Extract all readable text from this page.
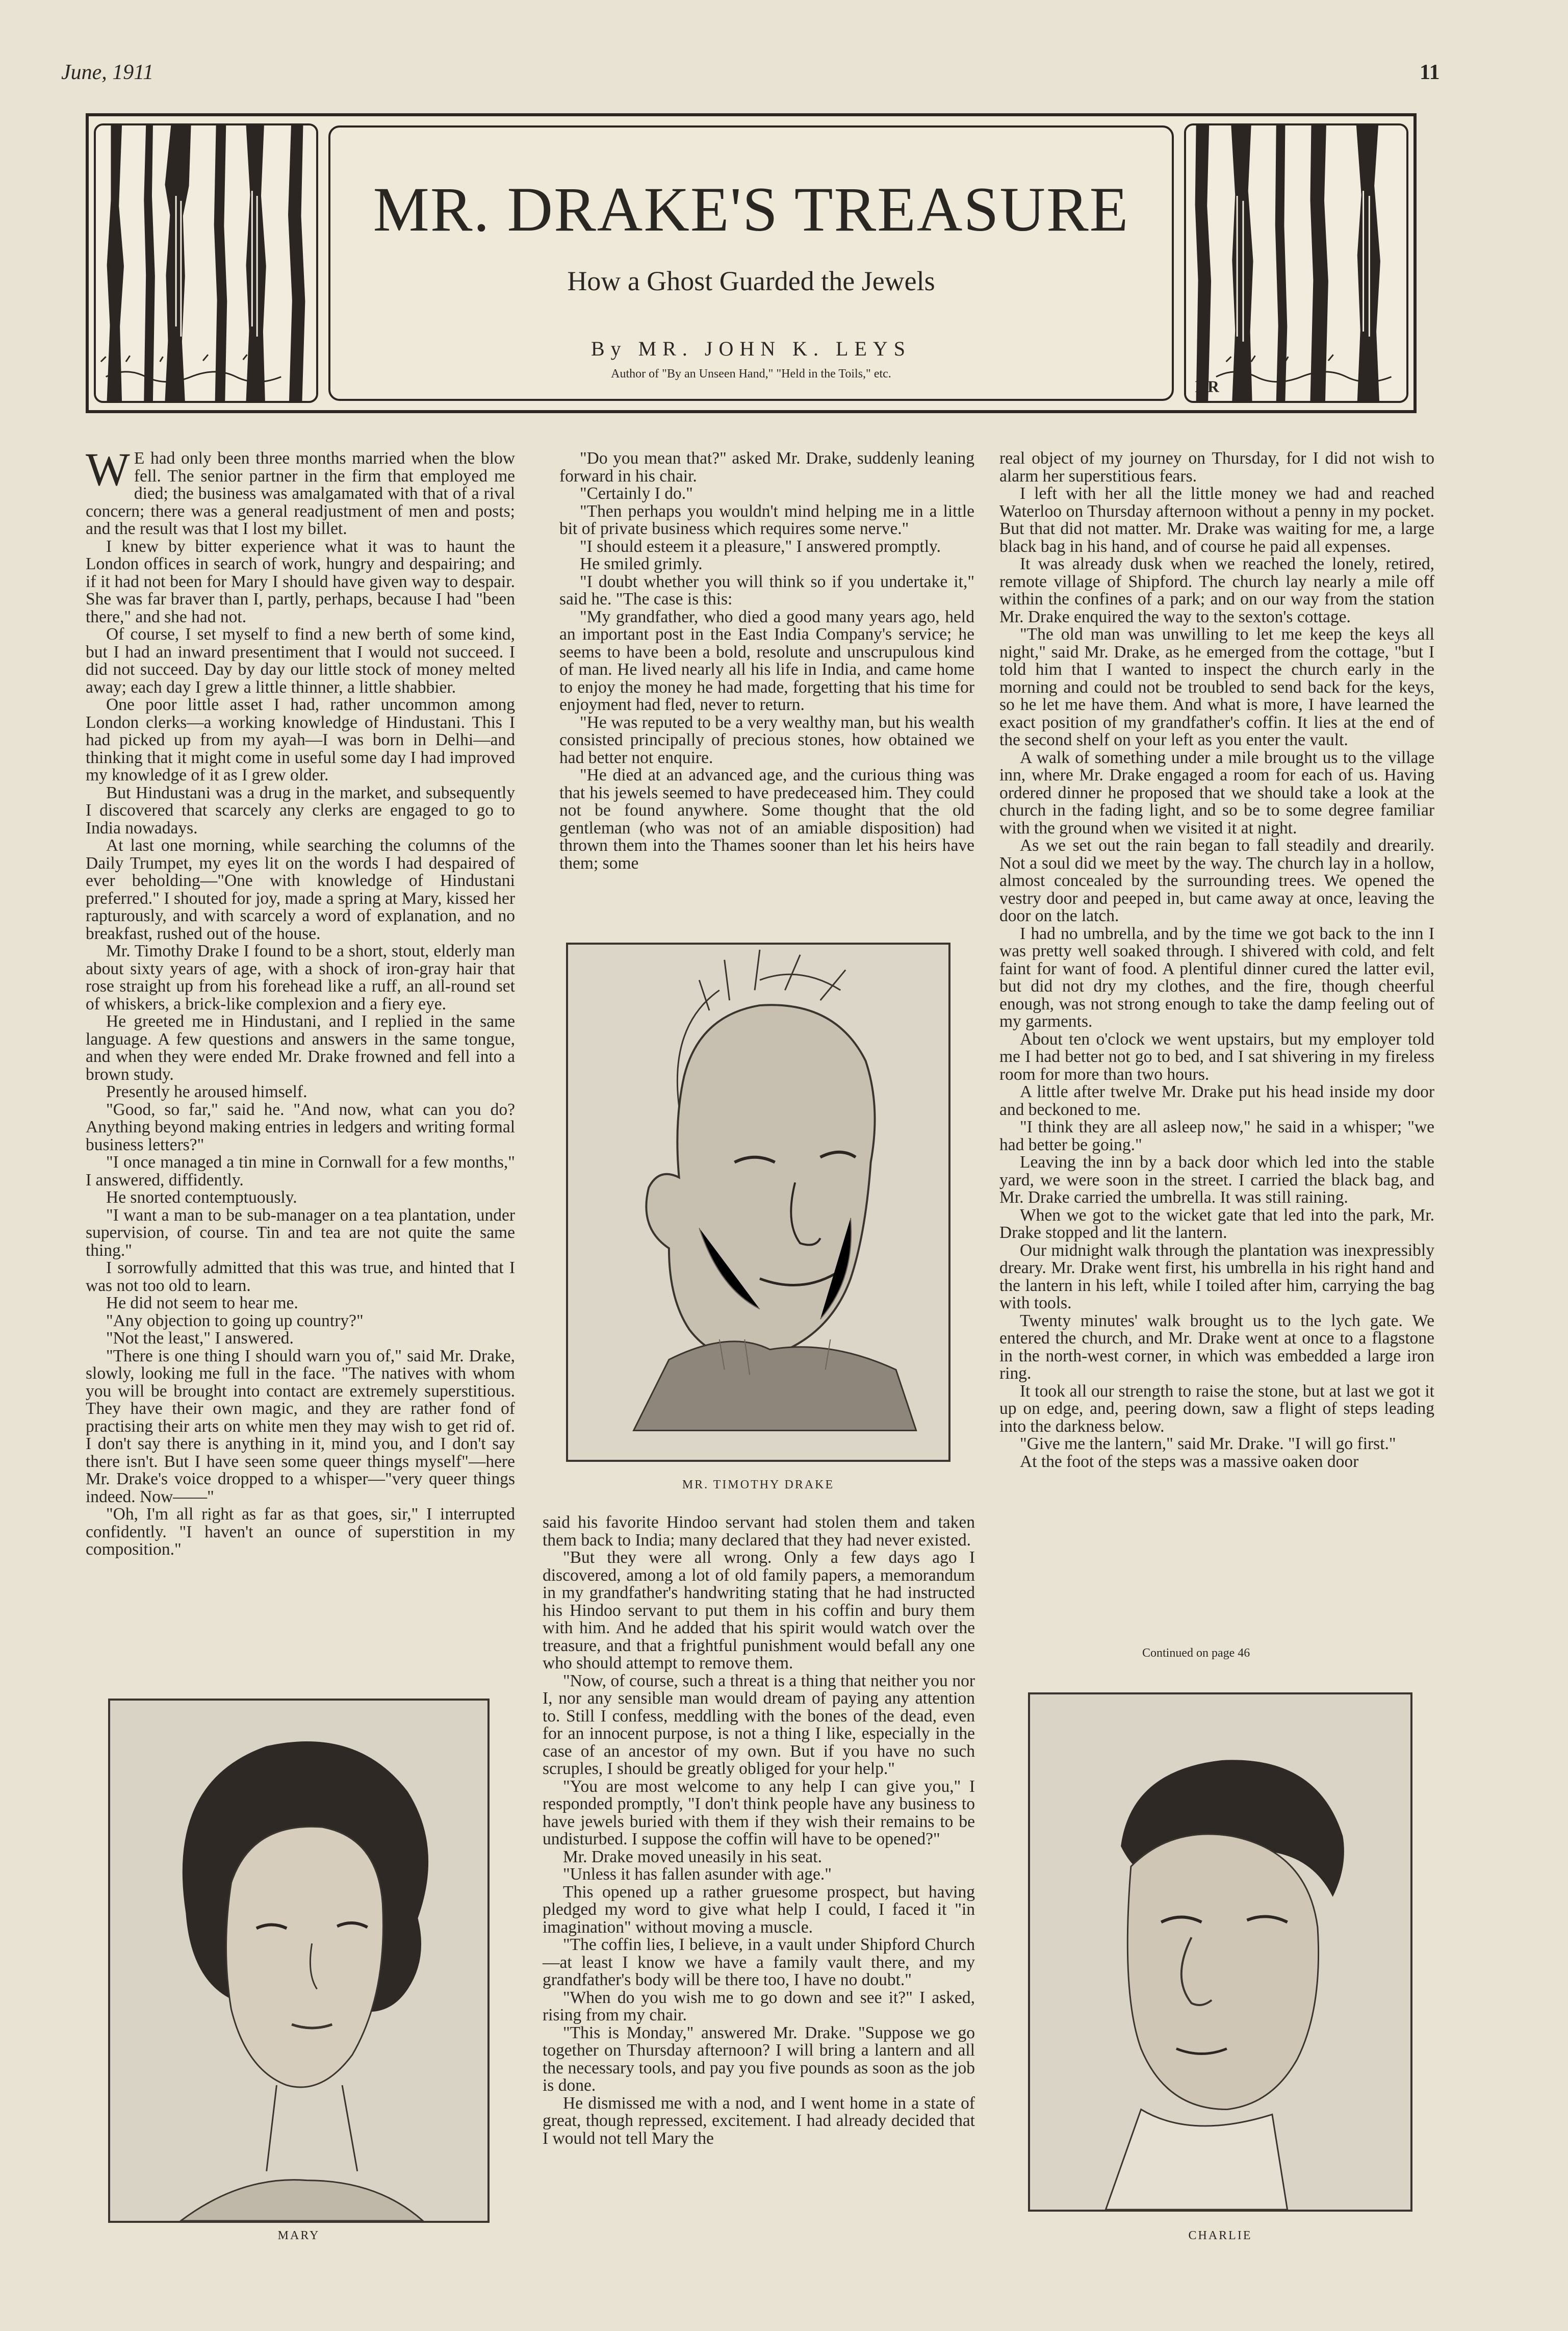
June, 1911	11
MR. DRAKE'S TREASURE
How a Ghost Guarded the Jewels
By MR. JOHN K. LEYS
Author of "By an Unseen Hand," "Held in the Toils," etc.
HR

W E had only been three months married when the blow fell. The senior partner in the firm that employed me died; the business was amalgamated with that of a rival concern; there was a general readjustment of men and posts; and the result was that I lost my billet.

I knew by bitter experience what it was to haunt the London offices in search of work, hungry and despairing; and if it had not been for Mary I should have given way to despair. She was far braver than I, partly, perhaps, because I had "been there," and she had not.

Of course, I set myself to find a new berth of some kind, but I had an inward presentiment that I would not succeed. I did not succeed. Day by day our little stock of money melted away; each day I grew a little thinner, a little shabbier.

One poor little asset I had, rather uncommon among London clerks—a working knowledge of Hindustani. This I had picked up from my ayah—I was born in Delhi—and thinking that it might come in useful some day I had improved my knowledge of it as I grew older.

But Hindustani was a drug in the market, and subsequently I discovered that scarcely any clerks are engaged to go to India nowadays.

At last one morning, while searching the columns of the Daily Trumpet, my eyes lit on the words I had despaired of ever beholding—"One with knowledge of Hindustani preferred." I shouted for joy, made a spring at Mary, kissed her rapturously, and with scarcely a word of explanation, and no breakfast, rushed out of the house.

Mr. Timothy Drake I found to be a short, stout, elderly man about sixty years of age, with a shock of iron-gray hair that rose straight up from his forehead like a ruff, an all-round set of whiskers, a brick-like complexion and a fiery eye.

He greeted me in Hindustani, and I replied in the same language. A few questions and answers in the same tongue, and when they were ended Mr. Drake frowned and fell into a brown study.

Presently he aroused himself.

"Good, so far," said he. "And now, what can you do? Anything beyond making entries in ledgers and writing formal business letters?"

"I once managed a tin mine in Cornwall for a few months," I answered, diffidently.

He snorted contemptuously.

"I want a man to be sub-manager on a tea plantation, under supervision, of course. Tin and tea are not quite the same thing."

I sorrowfully admitted that this was true, and hinted that I was not too old to learn.

He did not seem to hear me.

"Any objection to going up country?"

"Not the least," I answered.

"There is one thing I should warn you of," said Mr. Drake, slowly, looking me full in the face. "The natives with whom you will be brought into contact are extremely superstitious. They have their own magic, and they are rather fond of practising their arts on white men they may wish to get rid of. I don't say there is anything in it, mind you, and I don't say there isn't. But I have seen some queer things myself"—here Mr. Drake's voice dropped to a whisper—"very queer things indeed. Now——"

"Oh, I'm all right as far as that goes, sir," I interrupted confidently. "I haven't an ounce of superstition in my composition."

"Do you mean that?" asked Mr. Drake, suddenly leaning forward in his chair.

"Certainly I do."

"Then perhaps you wouldn't mind helping me in a little bit of private business which requires some nerve."

"I should esteem it a pleasure," I answered promptly.

He smiled grimly.

"I doubt whether you will think so if you undertake it," said he. "The case is this:

"My grandfather, who died a good many years ago, held an important post in the East India Company's service; he seems to have been a bold, resolute and unscrupulous kind of man. He lived nearly all his life in India, and came home to enjoy the money he had made, forgetting that his time for enjoyment had fled, never to return.

"He was reputed to be a very wealthy man, but his wealth consisted principally of precious stones, how obtained we had better not enquire.

"He died at an advanced age, and the curious thing was that his jewels seemed to have predeceased him. They could not be found anywhere. Some thought that the old gentleman (who was not of an amiable disposition) had thrown them into the Thames sooner than let his heirs have them; some

MR. TIMOTHY DRAKE

said his favorite Hindoo servant had stolen them and taken them back to India; many declared that they had never existed.

"But they were all wrong. Only a few days ago I discovered, among a lot of old family papers, a memorandum in my grandfather's handwriting stating that he had instructed his Hindoo servant to put them in his coffin and bury them with him. And he added that his spirit would watch over the treasure, and that a frightful punishment would befall any one who should attempt to remove them.

"Now, of course, such a threat is a thing that neither you nor I, nor any sensible man would dream of paying any attention to. Still I confess, meddling with the bones of the dead, even for an innocent purpose, is not a thing I like, especially in the case of an ancestor of my own. But if you have no such scruples, I should be greatly obliged for your help."

"You are most welcome to any help I can give you," I responded promptly, "I don't think people have any business to have jewels buried with them if they wish their remains to be undisturbed. I suppose the coffin will have to be opened?"

Mr. Drake moved uneasily in his seat.

"Unless it has fallen asunder with age."

This opened up a rather gruesome prospect, but having pledged my word to give what help I could, I faced it "in imagination" without moving a muscle.

"The coffin lies, I believe, in a vault under Shipford Church—at least I know we have a family vault there, and my grandfather's body will be there too, I have no doubt."

"When do you wish me to go down and see it?" I asked, rising from my chair.

"This is Monday," answered Mr. Drake. "Suppose we go together on Thursday afternoon? I will bring a lantern and all the necessary tools, and pay you five pounds as soon as the job is done.

He dismissed me with a nod, and I went home in a state of great, though repressed, excitement. I had already decided that I would not tell Mary the

real object of my journey on Thursday, for I did not wish to alarm her superstitious fears.

I left with her all the little money we had and reached Waterloo on Thursday afternoon without a penny in my pocket. But that did not matter. Mr. Drake was waiting for me, a large black bag in his hand, and of course he paid all expenses.

It was already dusk when we reached the lonely, retired, remote village of Shipford. The church lay nearly a mile off within the confines of a park; and on our way from the station Mr. Drake enquired the way to the sexton's cottage.

"The old man was unwilling to let me keep the keys all night," said Mr. Drake, as he emerged from the cottage, "but I told him that I wanted to inspect the church early in the morning and could not be troubled to send back for the keys, so he let me have them. And what is more, I have learned the exact position of my grandfather's coffin. It lies at the end of the second shelf on your left as you enter the vault.

A walk of something under a mile brought us to the village inn, where Mr. Drake engaged a room for each of us. Having ordered dinner he proposed that we should take a look at the church in the fading light, and so be to some degree familiar with the ground when we visited it at night.

As we set out the rain began to fall steadily and drearily. Not a soul did we meet by the way. The church lay in a hollow, almost concealed by the surrounding trees. We opened the vestry door and peeped in, but came away at once, leaving the door on the latch.

I had no umbrella, and by the time we got back to the inn I was pretty well soaked through. I shivered with cold, and felt faint for want of food. A plentiful dinner cured the latter evil, but did not dry my clothes, and the fire, though cheerful enough, was not strong enough to take the damp feeling out of my garments.

About ten o'clock we went upstairs, but my employer told me I had better not go to bed, and I sat shivering in my fireless room for more than two hours.

A little after twelve Mr. Drake put his head inside my door and beckoned to me.

"I think they are all asleep now," he said in a whisper; "we had better be going."

Leaving the inn by a back door which led into the stable yard, we were soon in the street. I carried the black bag, and Mr. Drake carried the umbrella. It was still raining.

When we got to the wicket gate that led into the park, Mr. Drake stopped and lit the lantern.

Our midnight walk through the plantation was inexpressibly dreary. Mr. Drake went first, his umbrella in his right hand and the lantern in his left, while I toiled after him, carrying the bag with tools.

Twenty minutes' walk brought us to the lych gate. We entered the church, and Mr. Drake went at once to a flagstone in the north-west corner, in which was embedded a large iron ring.

It took all our strength to raise the stone, but at last we got it up on edge, and, peering down, saw a flight of steps leading into the darkness below.

"Give me the lantern," said Mr. Drake. "I will go first."

At the foot of the steps was a massive oaken door

Continued on page 46
MARY	CHARLIE
